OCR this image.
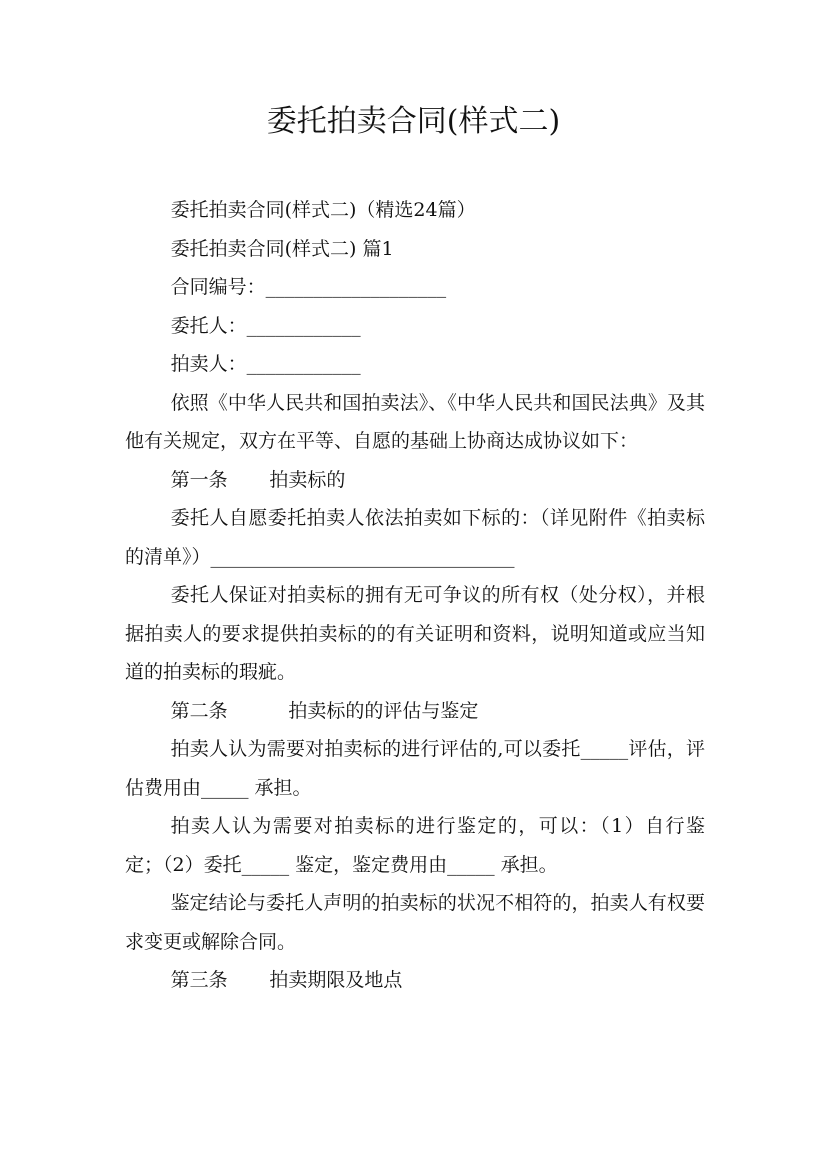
委托拍卖合同(样式二)

委托拍卖合同(样式二)（精选24篇）

委托拍卖合同(样式二) 篇1

合同编号：___________________

委托人：____________

拍卖人：____________

依照《中华人民共和国拍卖法》、《中华人民共和国民法典》及其他有关规定，双方在平等、自愿的基础上协商达成协议如下：

第一条 拍卖标的

委托人自愿委托拍卖人依法拍卖如下标的：（详见附件《拍卖标的清单》）________________________________

委托人保证对拍卖标的拥有无可争议的所有权（处分权），并根据拍卖人的要求提供拍卖标的的有关证明和资料，说明知道或应当知道的拍卖标的瑕疵。

第二条	拍卖标的的评估与鉴定

拍卖人认为需要对拍卖标的进行评估的,可以委托_____评估，评估费用由_____ 承担。

拍卖人认为需要对拍卖标的进行鉴定的，可以：（1）自行鉴定；（2）委托_____ 鉴定，鉴定费用由_____ 承担。

鉴定结论与委托人声明的拍卖标的状况不相符的，拍卖人有权要求变更或解除合同。

第三条 拍卖期限及地点
